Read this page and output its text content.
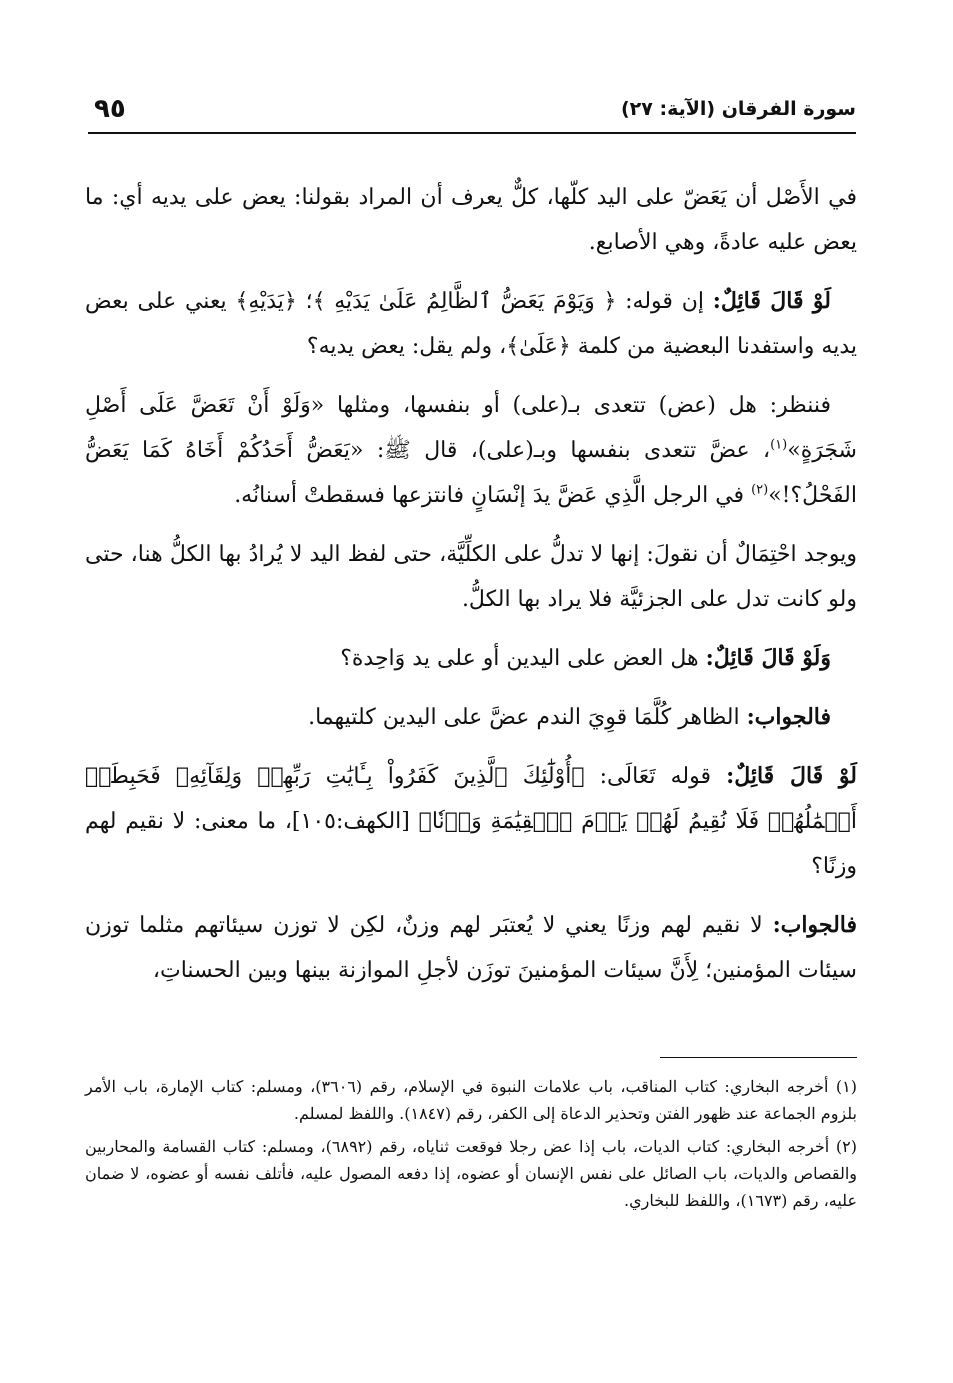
٩٥	سورة الفرقان (الآية: ٢٧)

في الأَصْل أن يَعَضّ على اليد كلّها، كلٌّ يعرف أن المراد بقولنا: يعض على يديه أي: ما يعض عليه عادةً، وهي الأصابع.

لَوْ قَالَ قَائِلٌ: إن قوله: ﴿ وَيَوْمَ يَعَضُّ ٱلظَّالِمُ عَلَىٰ يَدَيْهِ ﴾؛ ﴿يَدَيْهِ﴾ يعني على بعض يديه واستفدنا البعضية من كلمة ﴿عَلَىٰ﴾، ولم يقل: يعض يديه؟

فننظر: هل (عض) تتعدى بـ(على) أو بنفسها، ومثلها «وَلَوْ أَنْ تَعَضَّ عَلَى أَصْلِ شَجَرَةٍ»$^{(١)}$، عضَّ تتعدى بنفسها وبـ(على)، قال ﷺ: «يَعَضُّ أَحَدُكُمْ أَخَاهُ كَمَا يَعَضُّ الفَحْلُ؟!»$^{(٢)}$ في الرجل الَّذِي عَضَّ يدَ إنْسَانٍ فانتزعها فسقطتْ أسنانُه.

ويوجد احْتِمَالٌ أن نقولَ: إنها لا تدلُّ على الكلِّيَّة، حتى لفظ اليد لا يُرادُ بها الكلُّ هنا، حتى ولو كانت تدل على الجزئيَّة فلا يراد بها الكلُّ.

وَلَوْ قَالَ قَائِلٌ: هل العض على اليدين أو على يد وَاحِدة؟

فالجواب: الظاهر كُلَّمَا قوِيَ الندم عضَّ على اليدين كلتيهما.

لَوْ قَالَ قَائِلٌ: قوله تَعَالَى: ﴿أُوْلَٰٓئِكَ ٱلَّذِينَ كَفَرُواْ بِـَٔايَٰتِ رَبِّهِمۡ وَلِقَآئِهِۦ فَحَبِطَتۡ أَعۡمَٰلُهُمۡ فَلَا نُقِيمُ لَهُمۡ يَوۡمَ ٱلۡقِيَٰمَةِ وَزۡنٗا﴾ [الكهف:١٠٥]، ما معنى: لا نقيم لهم وزنًا؟

فالجواب: لا نقيم لهم وزنًا يعني لا يُعتبَر لهم وزنٌ، لكِن لا توزن سيئاتهم مثلما توزن سيئات المؤمنين؛ لِأَنَّ سيئات المؤمنينَ توزَن لأجلِ الموازنة بينها وبين الحسناتِ،

(١) أخرجه البخاري: كتاب المناقب، باب علامات النبوة في الإسلام، رقم (٣٦٠٦)، ومسلم: كتاب الإمارة، باب الأمر بلزوم الجماعة عند ظهور الفتن وتحذير الدعاة إلى الكفر، رقم (١٨٤٧). واللفظ لمسلم.

(٢) أخرجه البخاري: كتاب الديات، باب إذا عض رجلا فوقعت ثناياه، رقم (٦٨٩٢)، ومسلم: كتاب القسامة والمحاربين والقصاص والديات، باب الصائل على نفس الإنسان أو عضوه، إذا دفعه المصول عليه، فأتلف نفسه أو عضوه، لا ضمان عليه، رقم (١٦٧٣)، واللفظ للبخاري.
